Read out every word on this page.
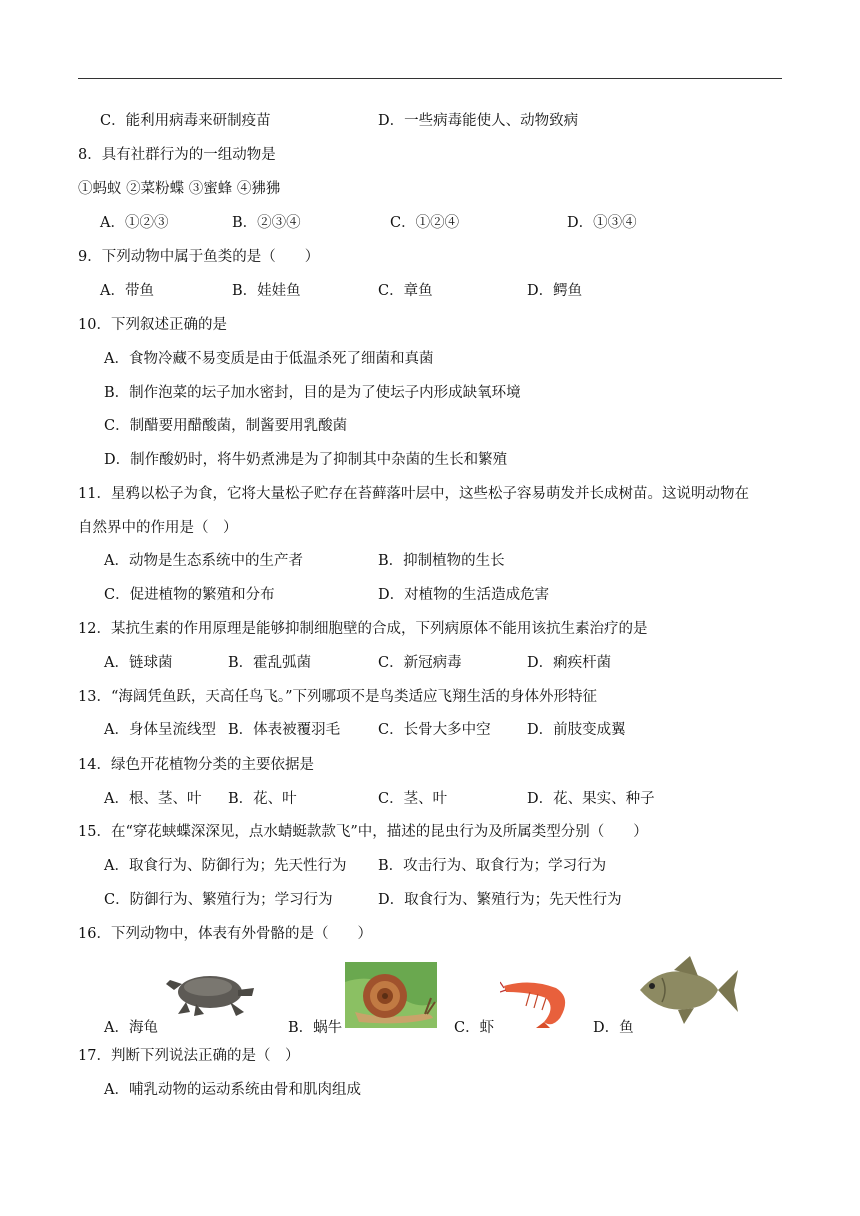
C．能利用病毒来研制疫苗	D．一些病毒能使人、动物致病
8．具有社群行为的一组动物是
①蚂蚁 ②菜粉蝶 ③蜜蜂 ④狒狒
A．①②③	B．②③④	C．①②④	D．①③④
9．下列动物中属于鱼类的是（　　）
A．带鱼	B．娃娃鱼	C．章鱼	D．鳄鱼
10．下列叙述正确的是
A．食物冷藏不易变质是由于低温杀死了细菌和真菌
B．制作泡菜的坛子加水密封，目的是为了使坛子内形成缺氧环境
C．制醋要用醋酸菌，制酱要用乳酸菌
D．制作酸奶时，将牛奶煮沸是为了抑制其中杂菌的生长和繁殖
11．星鸦以松子为食，它将大量松子贮存在苔藓落叶层中，这些松子容易萌发并长成树苗。这说明动物在
自然界中的作用是（　）
A．动物是生态系统中的生产者	B．抑制植物的生长
C．促进植物的繁殖和分布	D．对植物的生活造成危害
12．某抗生素的作用原理是能够抑制细胞壁的合成，下列病原体不能用该抗生素治疗的是
A．链球菌	B．霍乱弧菌	C．新冠病毒	D．痢疾杆菌
13．“海阔凭鱼跃，天高任鸟飞。”下列哪项不是鸟类适应飞翔生活的身体外形特征
A．身体呈流线型 B．体表被覆羽毛	C．长骨大多中空	D．前肢变成翼
14．绿色开花植物分类的主要依据是
A．根、茎、叶 B．花、叶	C．茎、叶	D．花、果实、种子
15．在“穿花蛱蝶深深见，点水蜻蜓款款飞”中，描述的昆虫行为及所属类型分别（　　）
A．取食行为、防御行为；先天性行为 B．攻击行为、取食行为；学习行为
C．防御行为、繁殖行为；学习行为	D．取食行为、繁殖行为；先天性行为
16．下列动物中，体表有外骨骼的是（　　）
A．海龟	B．蜗牛	C．虾	D．鱼
17．判断下列说法正确的是（　）
A．哺乳动物的运动系统由骨和肌肉组成
